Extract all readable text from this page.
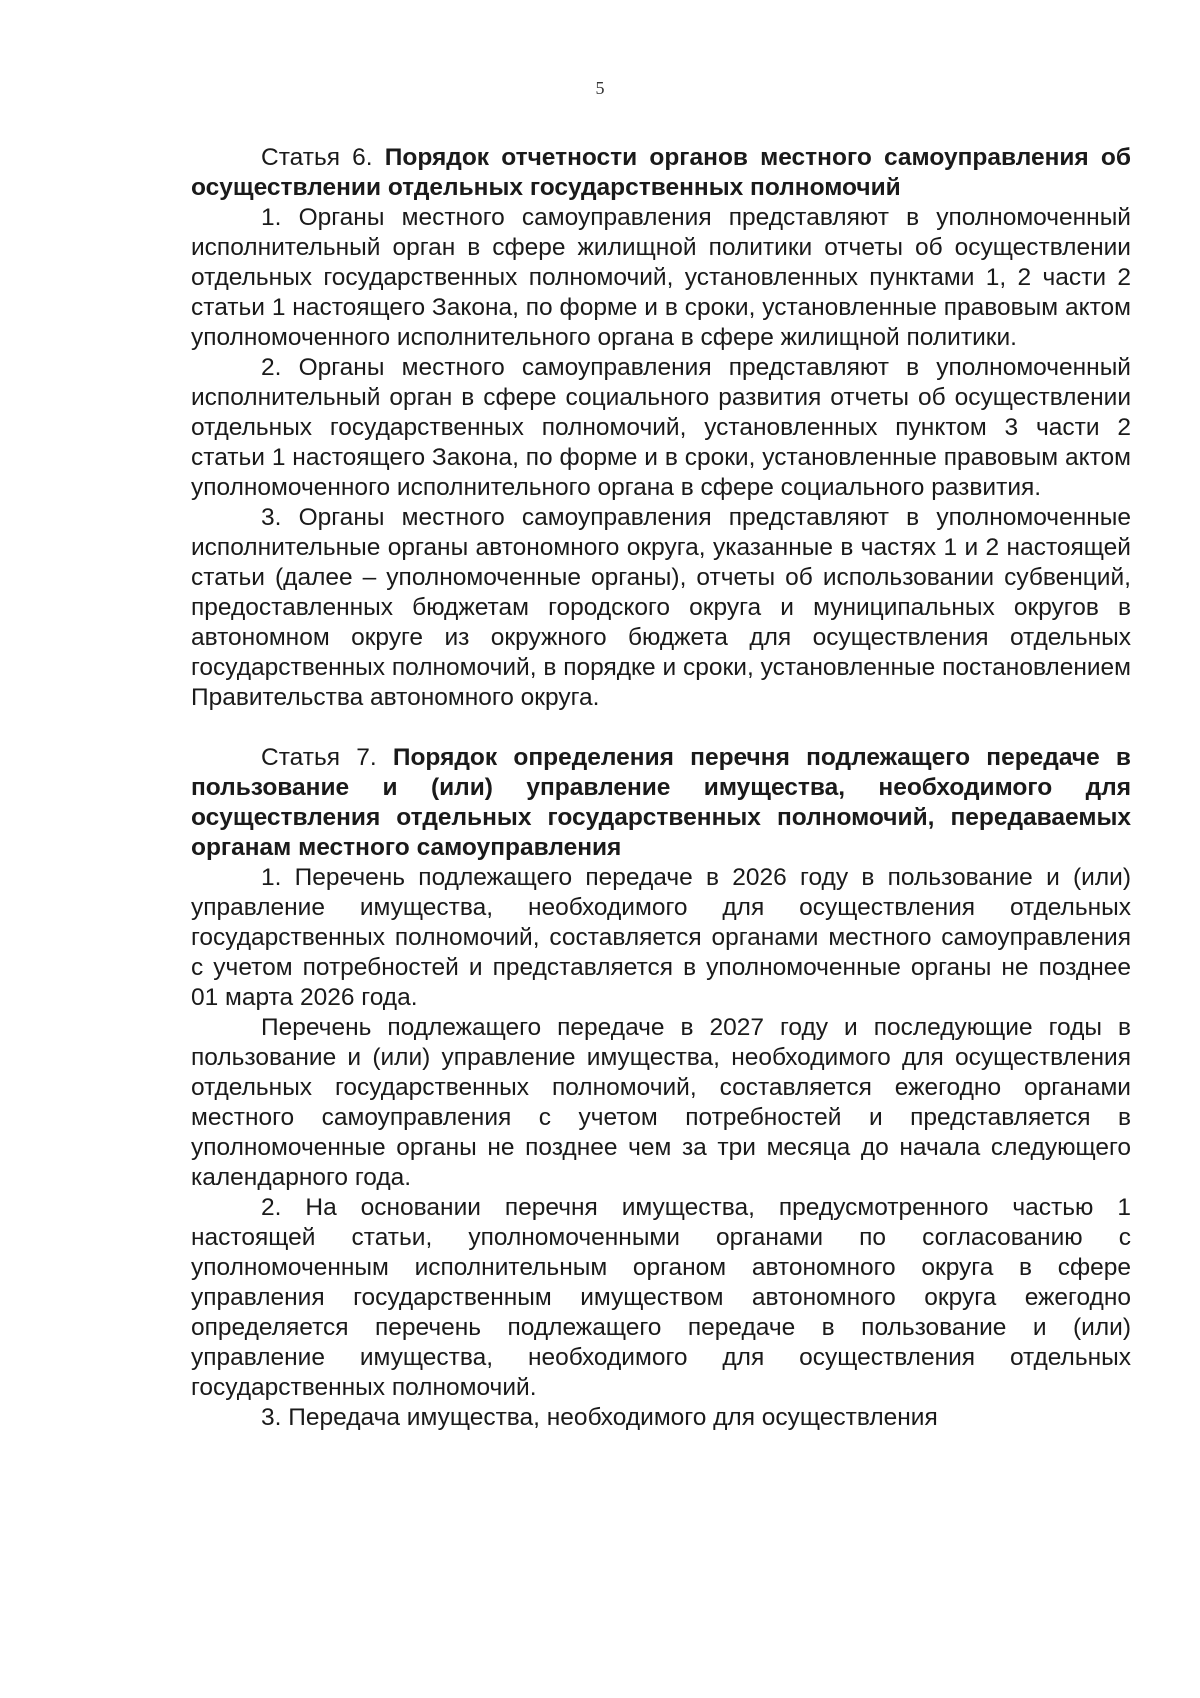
5
Статья 6. Порядок отчетности органов местного самоуправления об осуществлении отдельных государственных полномочий

1. Органы местного самоуправления представляют в уполномоченный исполнительный орган в сфере жилищной политики отчеты об осуществлении отдельных государственных полномочий, установленных пунктами 1, 2 части 2 статьи 1 настоящего Закона, по форме и в сроки, установленные правовым актом уполномоченного исполнительного органа в сфере жилищной политики.

2. Органы местного самоуправления представляют в уполномоченный исполнительный орган в сфере социального развития отчеты об осуществлении отдельных государственных полномочий, установленных пунктом 3 части 2 статьи 1 настоящего Закона, по форме и в сроки, установленные правовым актом уполномоченного исполнительного органа в сфере социального развития.

3. Органы местного самоуправления представляют в уполномоченные исполнительные органы автономного округа, указанные в частях 1 и 2 настоящей статьи (далее – уполномоченные органы), отчеты об использовании субвенций, предоставленных бюджетам городского округа и муниципальных округов в автономном округе из окружного бюджета для осуществления отдельных государственных полномочий, в порядке и сроки, установленные постановлением Правительства автономного округа.

Статья 7. Порядок определения перечня подлежащего передаче в пользование и (или) управление имущества, необходимого для осуществления отдельных государственных полномочий, передаваемых органам местного самоуправления

1. Перечень подлежащего передаче в 2026 году в пользование и (или) управление имущества, необходимого для осуществления отдельных государственных полномочий, составляется органами местного самоуправления с учетом потребностей и представляется в уполномоченные органы не позднее 01 марта 2026 года.

Перечень подлежащего передаче в 2027 году и последующие годы в пользование и (или) управление имущества, необходимого для осуществления отдельных государственных полномочий, составляется ежегодно органами местного самоуправления с учетом потребностей и представляется в уполномоченные органы не позднее чем за три месяца до начала следующего календарного года.

2. На основании перечня имущества, предусмотренного частью 1 настоящей статьи, уполномоченными органами по согласованию с уполномоченным исполнительным органом автономного округа в сфере управления государственным имуществом автономного округа ежегодно определяется перечень подлежащего передаче в пользование и (или) управление имущества, необходимого для осуществления отдельных государственных полномочий.

3. Передача имущества, необходимого для осуществления
